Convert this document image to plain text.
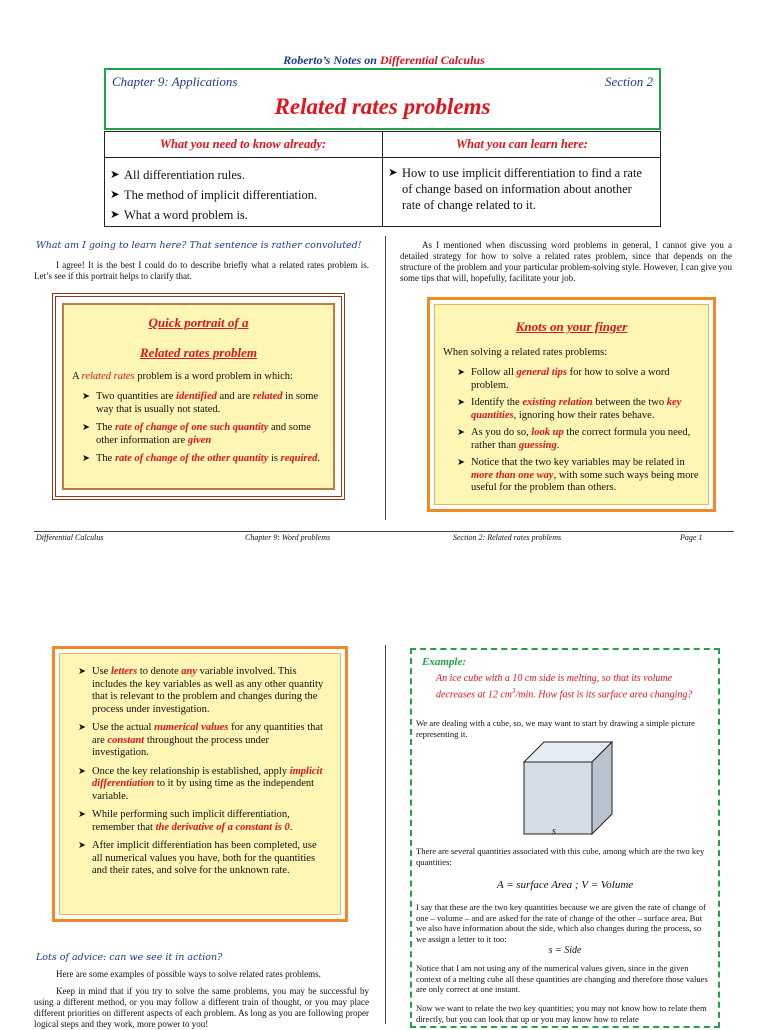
Roberto’s Notes on Differential Calculus
Chapter 9: Applications	Section 2
Related rates problems
What you need to know already:	What you can learn here:
➤ All differentiation rules.
➤ The method of implicit differentiation.
➤ What a word problem is.
➤ How to use implicit differentiation to find a rate of change based on information about another rate of change related to it.
What am I going to learn here? That sentence is rather convoluted!
I agree! It is the best I could do to describe briefly what a related rates problem is. Let’s see if this portrait helps to clarify that.
As I mentioned when discussing word problems in general, I cannot give you a detailed strategy for how to solve a related rates problem, since that depends on the structure of the problem and your particular problem-solving style. However, I can give you some tips that will, hopefully, facilitate your job.
Quick portrait of a
Related rates problem
A related rates problem is a word problem in which:
➤ Two quantities are identified and are related in some way that is usually not stated.
➤ The rate of change of one such quantity and some other information are given
➤ The rate of change of the other quantity is required.
Knots on your finger
When solving a related rates problems:
➤ Follow all general tips for how to solve a word problem.
➤ Identify the existing relation between the two key quantities, ignoring how their rates behave.
➤ As you do so, look up the correct formula you need, rather than guessing.
➤ Notice that the two key variables may be related in more than one way, with some such ways being more useful for the problem than others.
Differential Calculus	Chapter 9: Word problems	Section 2: Related rates problems	Page 1
➤ Use letters to denote any variable involved. This includes the key variables as well as any other quantity that is relevant to the problem and changes during the process under investigation.
➤ Use the actual numerical values for any quantities that are constant throughout the process under investigation.
➤ Once the key relationship is established, apply implicit differentiation to it by using time as the independent variable.
➤ While performing such implicit differentiation, remember that the derivative of a constant is 0.
➤ After implicit differentiation has been completed, use all numerical values you have, both for the quantities and their rates, and solve for the unknown rate.
Lots of advice: can we see it in action?
Here are some examples of possible ways to solve related rates problems.
Keep in mind that if you try to solve the same problems, you may be successful by using a different method, or you may follow a different train of thought, or you may place different priorities on different aspects of each problem. As long as you are following proper logical steps and they work, more power to you!
Example:
An ice cube with a 10 cm side is melting, so that its volume decreases at 12 $cm^3/\min$. How fast is its surface area changing?
We are dealing with a cube, so, we may want to start by drawing a simple picture representing it.
s
There are several quantities associated with this cube, among which are the two key quantities:
A = surface Area ; V = Volume
I say that these are the two key quantities because we are given the rate of change of one – volume – and are asked for the rate of change of the other – surface area. But we also have information about the side, which also changes during the process, so we assign a letter to it too:
s = Side
Notice that I am not using any of the numerical values given, since in the given context of a melting cube all these quantities are changing and therefore those values are only correct at one instant.
Now we want to relate the two key quantities; you may not know how to relate them directly, but you can look that up or you may know how to relate
